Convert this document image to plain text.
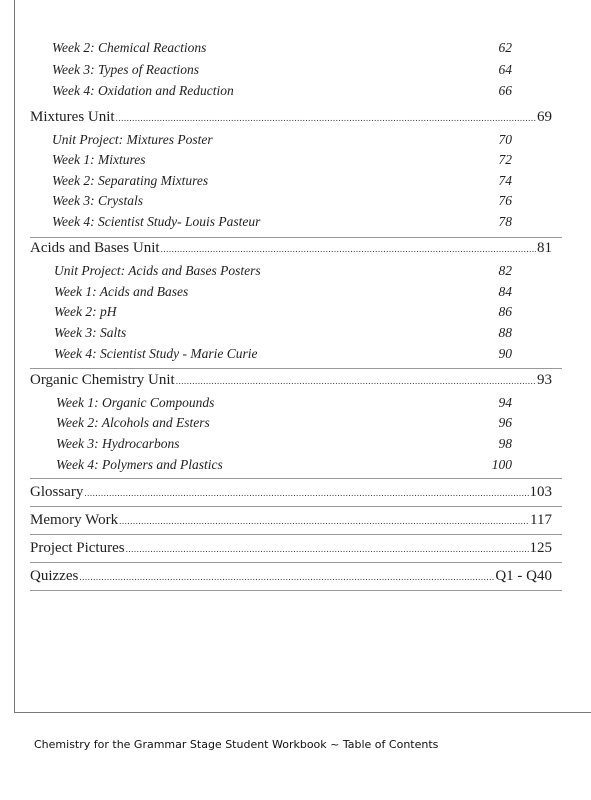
Week 2: Chemical Reactions	62
Week 3: Types of Reactions	64
Week 4: Oxidation and Reduction	66
Mixtures Unit .....	69
Unit Project: Mixtures Poster	70
Week 1: Mixtures	72
Week 2: Separating Mixtures	74
Week 3: Crystals	76
Week 4: Scientist Study- Louis Pasteur	78
Acids and Bases Unit .....	81
Unit Project: Acids and Bases Posters	82
Week 1: Acids and Bases	84
Week 2: pH	86
Week 3: Salts	88
Week 4: Scientist Study - Marie Curie	90
Organic Chemistry Unit .....	93
Week 1: Organic Compounds	94
Week 2: Alcohols and Esters	96
Week 3: Hydrocarbons	98
Week 4: Polymers and Plastics	100
Glossary .....	103
Memory Work .....	117
Project Pictures .....	125
Quizzes .....	Q1 - Q40
Chemistry for the Grammar Stage Student Workbook ~ Table of Contents
